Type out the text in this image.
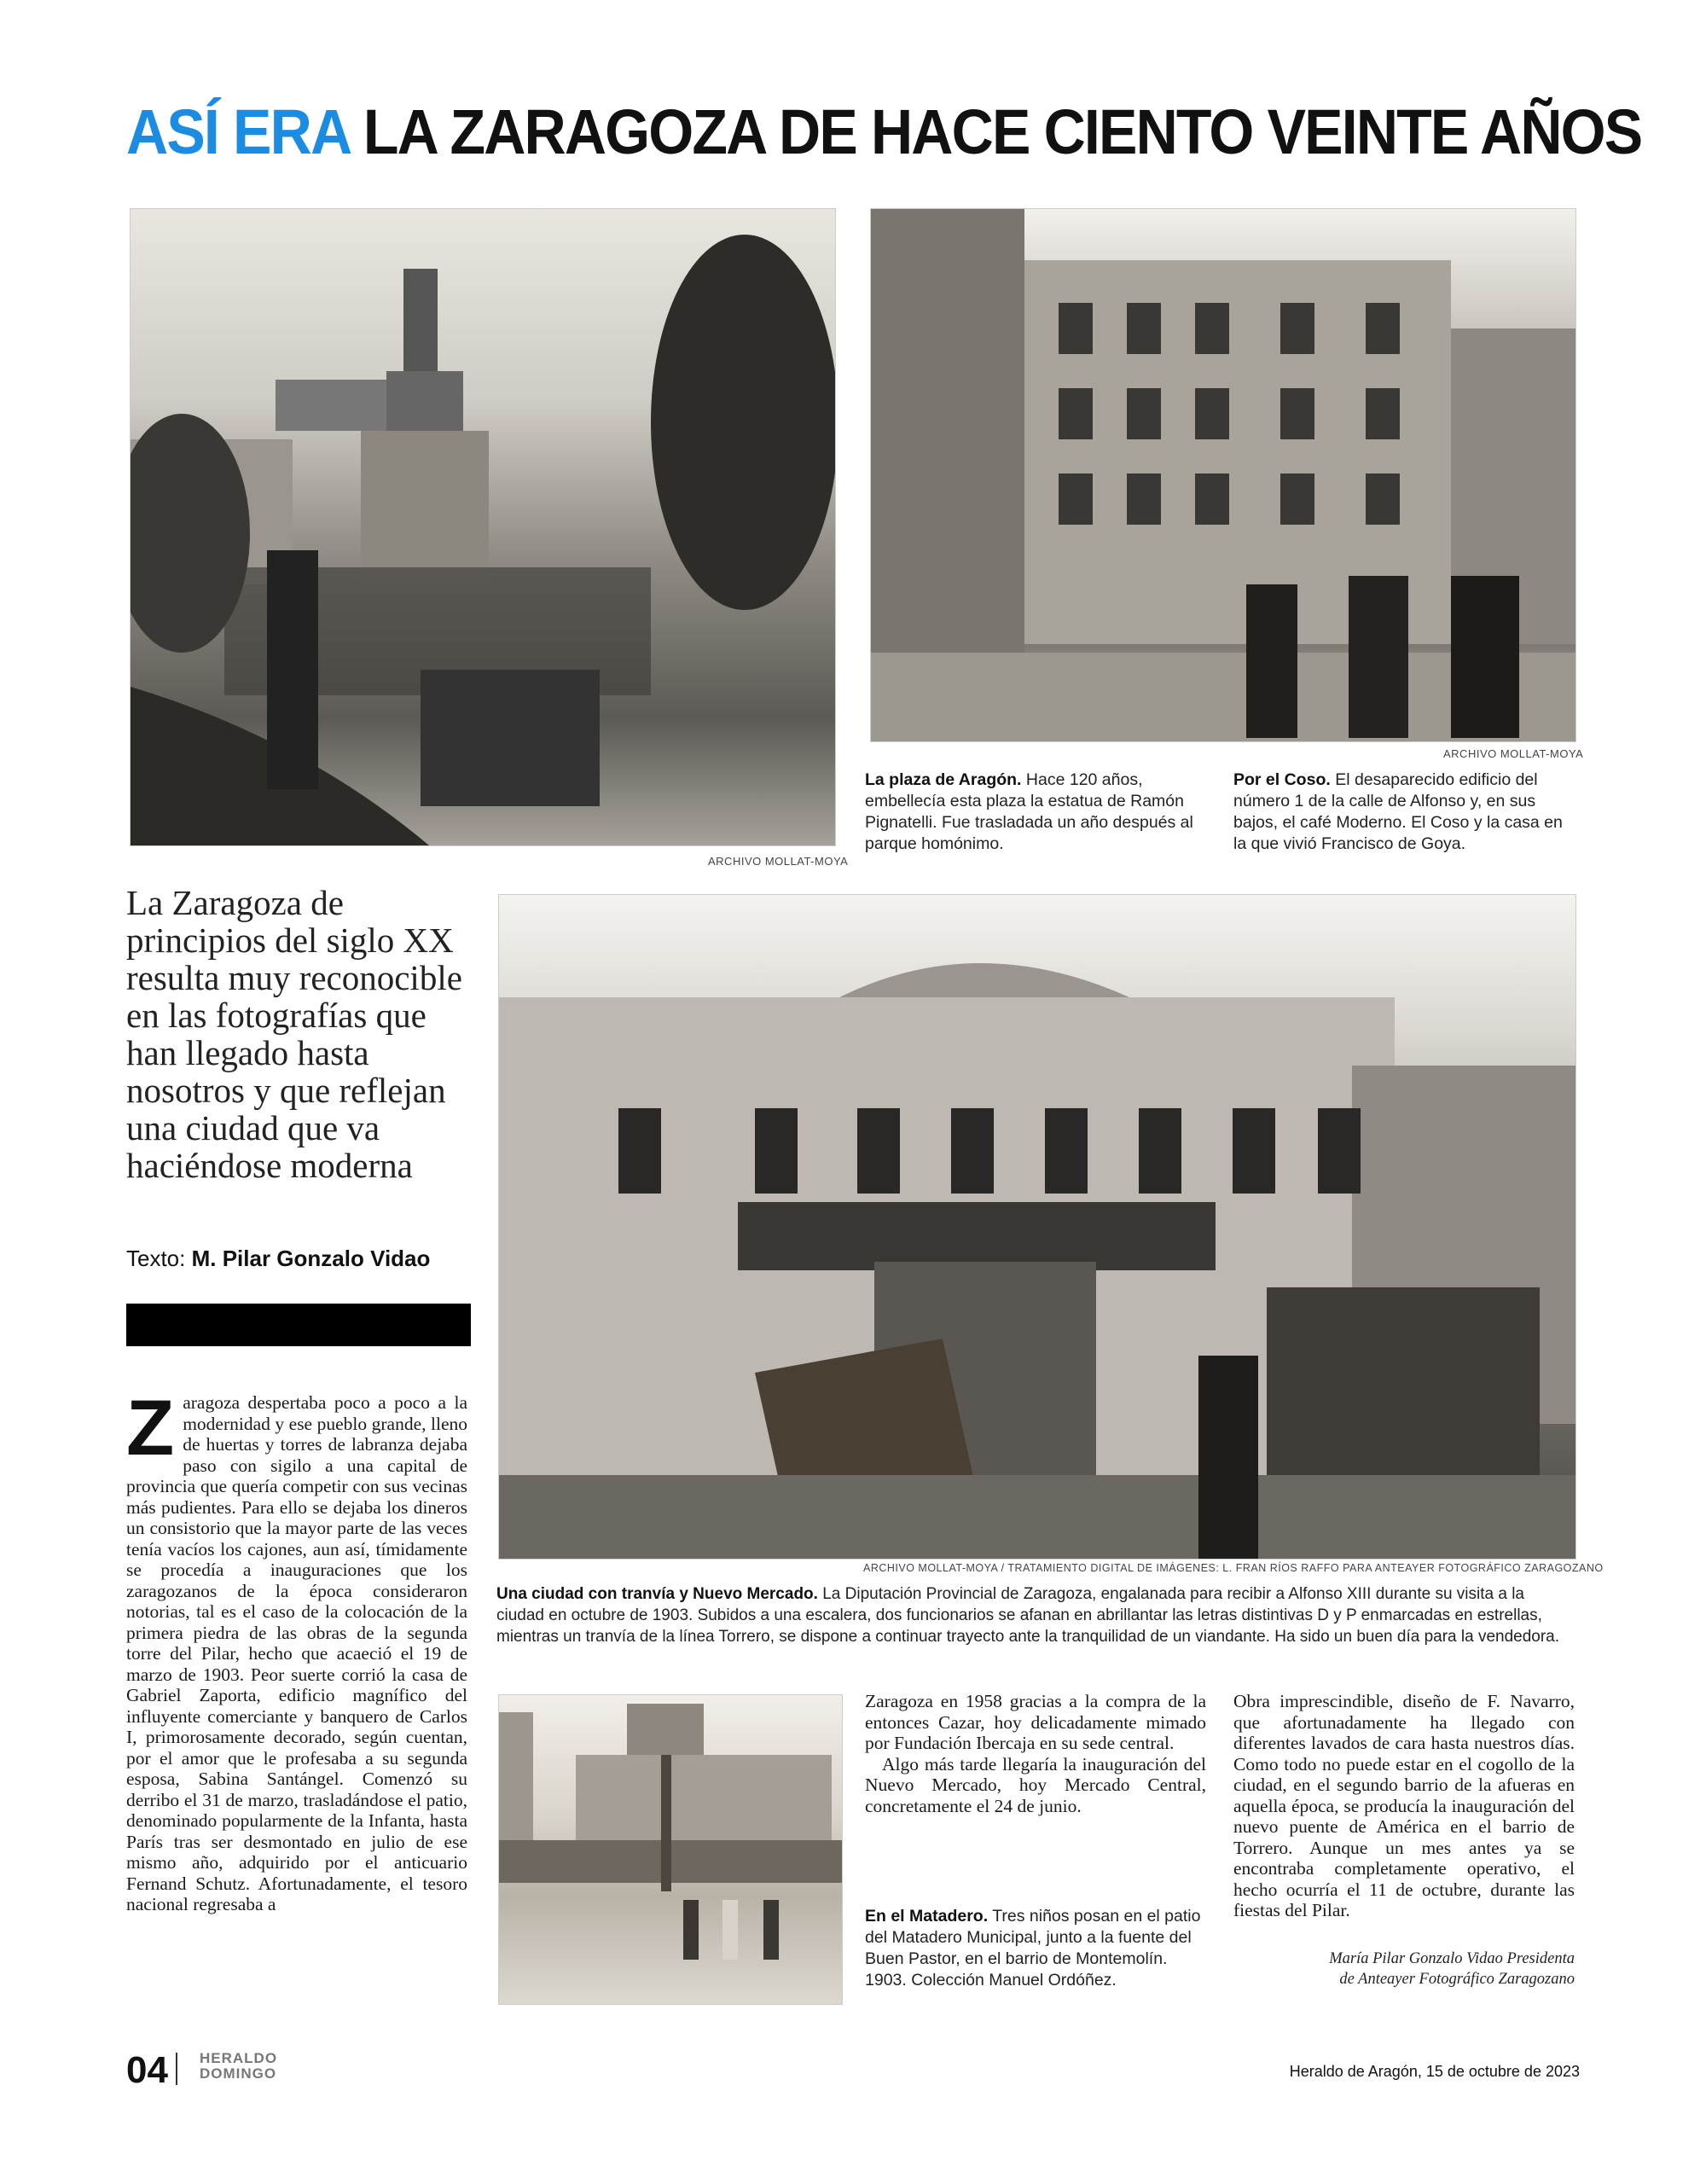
ASÍ ERA LA ZARAGOZA DE HACE CIENTO VEINTE AÑOS
ARCHIVO MOLLAT-MOYA
ARCHIVO MOLLAT-MOYA
La plaza de Aragón. Hace 120 años, embellecía esta plaza la estatua de Ramón Pignatelli. Fue trasladada un año después al parque homónimo.
Por el Coso. El desaparecido edificio del número 1 de la calle de Alfonso y, en sus bajos, el café Moderno. El Coso y la casa en la que vivió Francisco de Goya.
La Zaragoza de principios del siglo XX resulta muy reconocible en las fotografías que han llegado hasta nosotros y que reflejan una ciudad que va haciéndose moderna
Texto: M. Pilar Gonzalo Vidao
ARCHIVO MOLLAT-MOYA / TRATAMIENTO DIGITAL DE IMÁGENES: L. FRAN RÍOS RAFFO PARA ANTEAYER FOTOGRÁFICO ZARAGOZANO
Una ciudad con tranvía y Nuevo Mercado. La Diputación Provincial de Zaragoza, engalanada para recibir a Alfonso XIII durante su visita a la ciudad en octubre de 1903. Subidos a una escalera, dos funcionarios se afanan en abrillantar las letras distintivas D y P enmarcadas en estrellas, mientras un tranvía de la línea Torrero, se dispone a continuar trayecto ante la tranquilidad de un viandante. Ha sido un buen día para la vendedora.
Zaragoza despertaba poco a poco a la modernidad y ese pueblo grande, lleno de huertas y torres de labranza dejaba paso con sigilo a una capital de provincia que quería competir con sus vecinas más pudientes. Para ello se dejaba los dineros un consistorio que la mayor parte de las veces tenía vacíos los cajones, aun así, tímidamente se procedía a inauguraciones que los zaragozanos de la época consideraron notorias, tal es el caso de la colocación de la primera piedra de las obras de la segunda torre del Pilar, hecho que acaeció el 19 de marzo de 1903. Peor suerte corrió la casa de Gabriel Zaporta, edificio magnífico del influyente comerciante y banquero de Carlos I, primorosamente decorado, según cuentan, por el amor que le profesaba a su segunda esposa, Sabina Santángel. Comenzó su derribo el 31 de marzo, trasladándose el patio, denominado popularmente de la Infanta, hasta París tras ser desmontado en julio de ese mismo año, adquirido por el anticuario Fernand Schutz. Afortunadamente, el tesoro nacional regresaba a
Zaragoza en 1958 gracias a la compra de la entonces Cazar, hoy delicadamente mimado por Fundación Ibercaja en su sede central.
Algo más tarde llegaría la inauguración del Nuevo Mercado, hoy Mercado Central, concretamente el 24 de junio.
En el Matadero. Tres niños posan en el patio del Matadero Municipal, junto a la fuente del Buen Pastor, en el barrio de Montemolín. 1903. Colección Manuel Ordóñez.
Obra imprescindible, diseño de F. Navarro, que afortunadamente ha llegado con diferentes lavados de cara hasta nuestros días. Como todo no puede estar en el cogollo de la ciudad, en el segundo barrio de la afueras en aquella época, se producía la inauguración del nuevo puente de América en el barrio de Torrero. Aunque un mes antes ya se encontraba completamente operativo, el hecho ocurría el 11 de octubre, durante las fiestas del Pilar.
María Pilar Gonzalo Vidao Presidenta
de Anteayer Fotográfico Zaragozano
04 HERALDO
DOMINGO	Heraldo de Aragón, 15 de octubre de 2023
